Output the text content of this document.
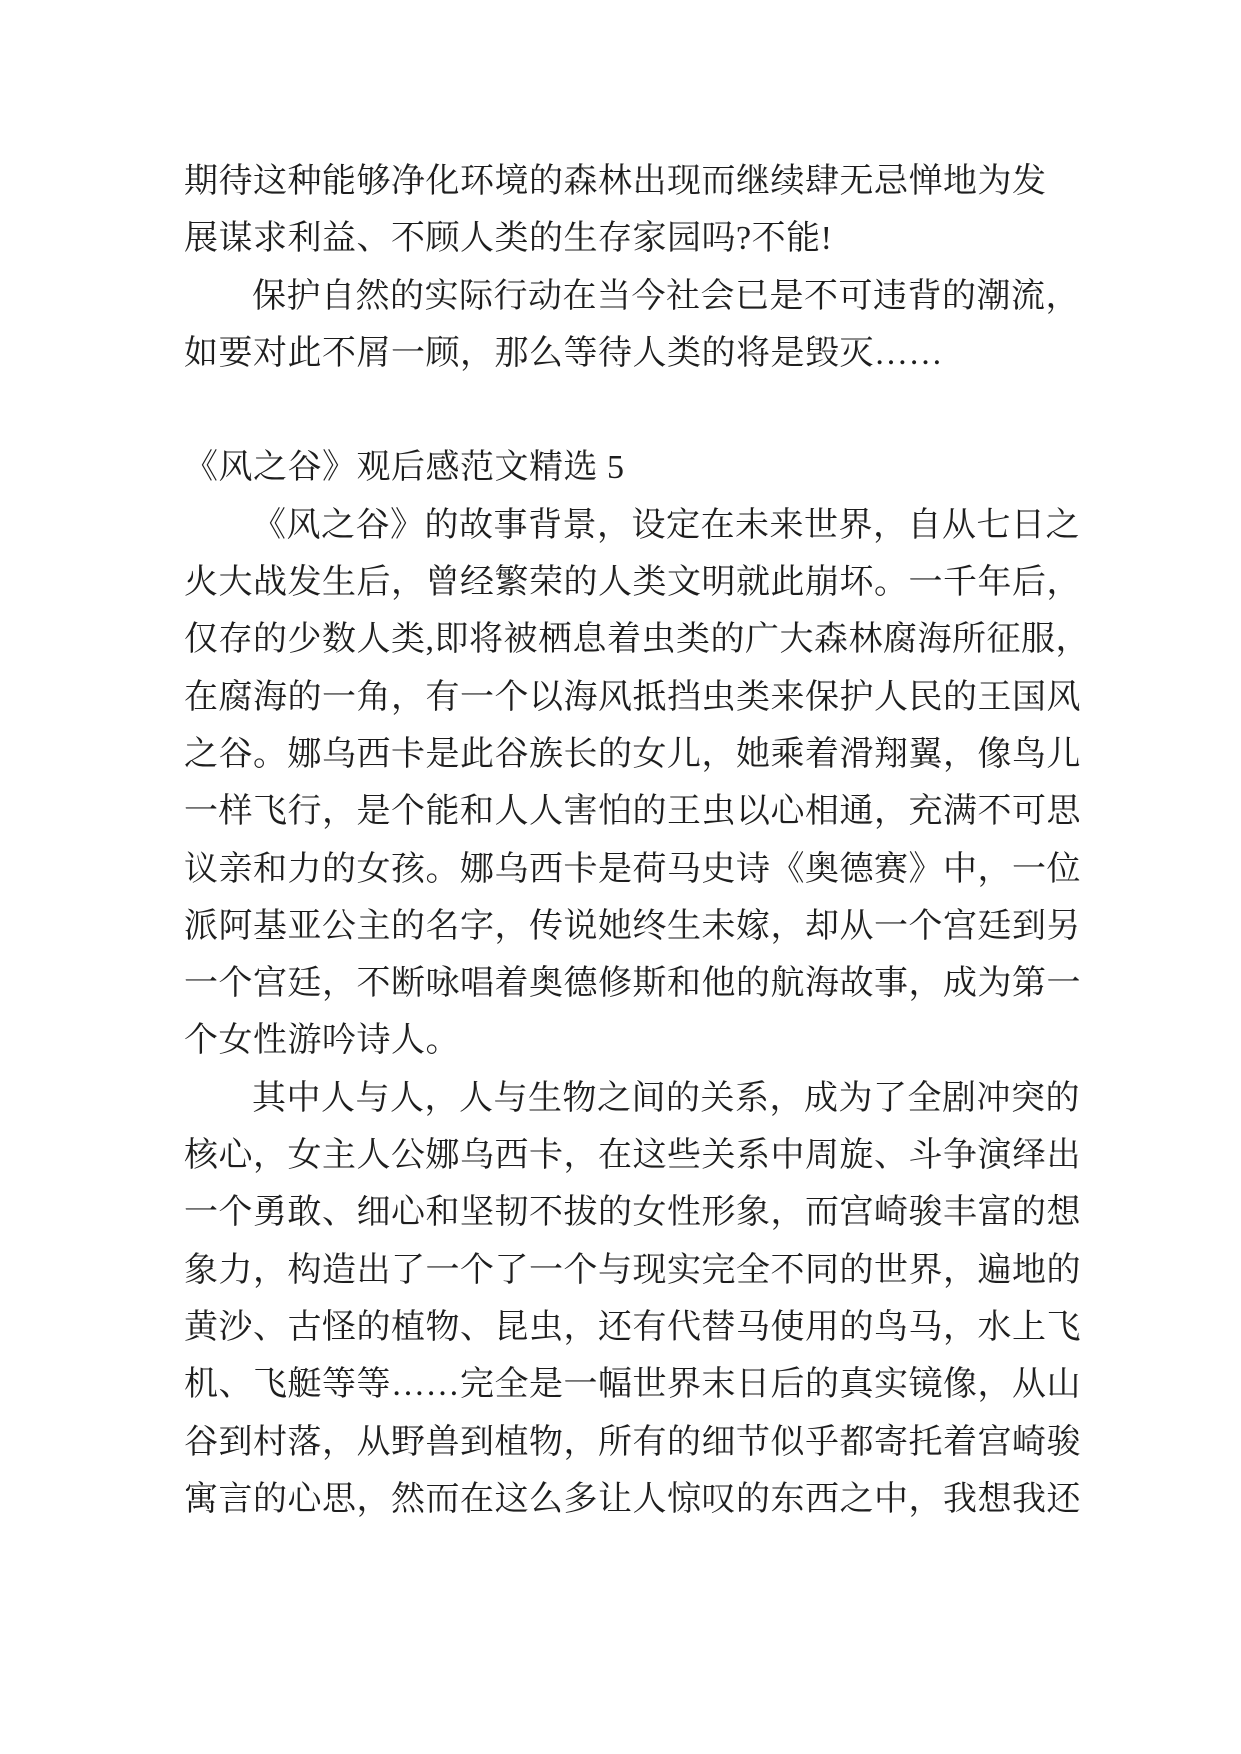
期待这种能够净化环境的森林出现而继续肆无忌惮地为发
展谋求利益、不顾人类的生存家园吗?不能!
保护自然的实际行动在当今社会已是不可违背的潮流，
如要对此不屑一顾，那么等待人类的将是毁灭……
《风之谷》观后感范文精选 5
《风之谷》的故事背景，设定在未来世界，自从七日之
火大战发生后，曾经繁荣的人类文明就此崩坏。一千年后，
仅存的少数人类,即将被栖息着虫类的广大森林腐海所征服，
在腐海的一角，有一个以海风抵挡虫类来保护人民的王国风
之谷。娜乌西卡是此谷族长的女儿，她乘着滑翔翼，像鸟儿
一样飞行，是个能和人人害怕的王虫以心相通，充满不可思
议亲和力的女孩。娜乌西卡是荷马史诗《奥德赛》中，一位
派阿基亚公主的名字，传说她终生未嫁，却从一个宫廷到另
一个宫廷，不断咏唱着奥德修斯和他的航海故事，成为第一
个女性游吟诗人。
其中人与人，人与生物之间的关系，成为了全剧冲突的
核心，女主人公娜乌西卡，在这些关系中周旋、斗争演绎出
一个勇敢、细心和坚韧不拔的女性形象，而宫崎骏丰富的想
象力，构造出了一个了一个与现实完全不同的世界，遍地的
黄沙、古怪的植物、昆虫，还有代替马使用的鸟马，水上飞
机、飞艇等等……完全是一幅世界末日后的真实镜像，从山
谷到村落，从野兽到植物，所有的细节似乎都寄托着宫崎骏
寓言的心思，然而在这么多让人惊叹的东西之中，我想我还
